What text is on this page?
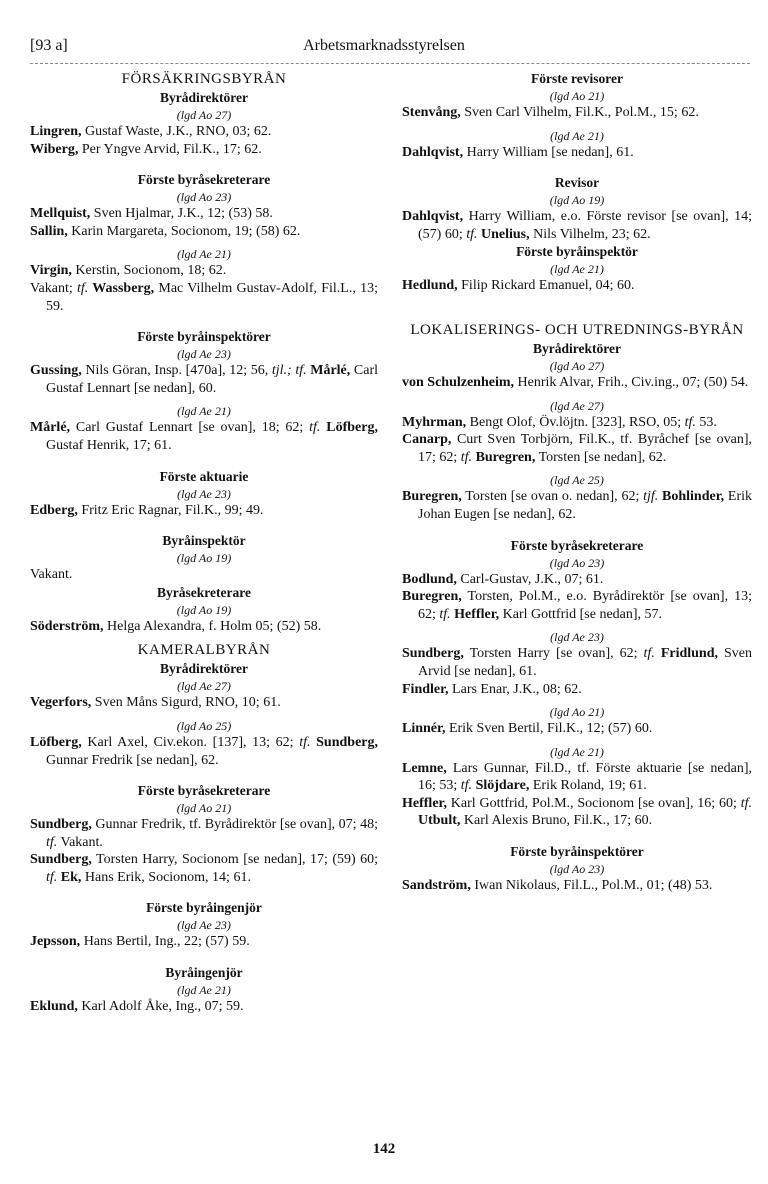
[93 a]	Arbetsmarknadsstyrelsen
FÖRSÄKRINGSBYRÅN
Byrådirektörer
(lgd Ao 27)
Lingren, Gustaf Waste, J.K., RNO, 03; 62.
Wiberg, Per Yngve Arvid, Fil.K., 17; 62.
Förste byråsekreterare
(lgd Ao 23)
Mellquist, Sven Hjalmar, J.K., 12; (53) 58.
Sallin, Karin Margareta, Socionom, 19; (58) 62.
(lgd Ae 21)
Virgin, Kerstin, Socionom, 18; 62.
Vakant; tf. Wassberg, Mac Vilhelm Gustav-Adolf, Fil.L., 13; 59.
Förste byråinspektörer
(lgd Ae 23)
Gussing, Nils Göran, Insp. [470a], 12; 56, tjl.; tf. Mårlé, Carl Gustaf Lennart [se nedan], 60.
(lgd Ae 21)
Mårlé, Carl Gustaf Lennart [se ovan], 18; 62; tf. Löfberg, Gustaf Henrik, 17; 61.
Förste aktuarie
(lgd Ae 23)
Edberg, Fritz Eric Ragnar, Fil.K., 99; 49.
Byråinspektör
(lgd Ao 19)
Vakant.
Byråsekreterare
(lgd Ao 19)
Söderström, Helga Alexandra, f. Holm 05; (52) 58.
KAMERALBYRÅN
Byrådirektörer
(lgd Ae 27)
Vegerfors, Sven Måns Sigurd, RNO, 10; 61.
(lgd Ao 25)
Löfberg, Karl Axel, Civ.ekon. [137], 13; 62; tf. Sundberg, Gunnar Fredrik [se nedan], 62.
Förste byråsekreterare
(lgd Ao 21)
Sundberg, Gunnar Fredrik, tf. Byrådirektör [se ovan], 07; 48; tf. Vakant.
Sundberg, Torsten Harry, Socionom [se nedan], 17; (59) 60; tf. Ek, Hans Erik, Socionom, 14; 61.
Förste byråingenjör
(lgd Ae 23)
Jepsson, Hans Bertil, Ing., 22; (57) 59.
Byråingenjör
(lgd Ae 21)
Eklund, Karl Adolf Åke, Ing., 07; 59.
Förste revisorer
(lgd Ao 21)
Stenvång, Sven Carl Vilhelm, Fil.K., Pol.M., 15; 62.
(lgd Ae 21)
Dahlqvist, Harry William [se nedan], 61.
Revisor
(lgd Ao 19)
Dahlqvist, Harry William, e.o. Förste revisor [se ovan], 14; (57) 60; tf. Unelius, Nils Vilhelm, 23; 62.
Förste byråinspektör
(lgd Ae 21)
Hedlund, Filip Rickard Emanuel, 04; 60.
LOKALISERINGS- OCH UTREDNINGS-BYRÅN
Byrådirektörer
(lgd Ao 27)
von Schulzenheim, Henrik Alvar, Frih., Civ.ing., 07; (50) 54.
(lgd Ae 27)
Myhrman, Bengt Olof, Öv.löjtn. [323], RSO, 05; tf. 53.
Canarp, Curt Sven Torbjörn, Fil.K., tf. Byråchef [se ovan], 17; 62; tf. Buregren, Torsten [se nedan], 62.
(lgd Ae 25)
Buregren, Torsten [se ovan o. nedan], 62; tjf. Bohlinder, Erik Johan Eugen [se nedan], 62.
Förste byråsekreterare
(lgd Ao 23)
Bodlund, Carl-Gustav, J.K., 07; 61.
Buregren, Torsten, Pol.M., e.o. Byrådirektör [se ovan], 13; 62; tf. Heffler, Karl Gottfrid [se nedan], 57.
(lgd Ae 23)
Sundberg, Torsten Harry [se ovan], 62; tf. Fridlund, Sven Arvid [se nedan], 61.
Findler, Lars Enar, J.K., 08; 62.
(lgd Ao 21)
Linnér, Erik Sven Bertil, Fil.K., 12; (57) 60.
(lgd Ae 21)
Lemne, Lars Gunnar, Fil.D., tf. Förste aktuarie [se nedan], 16; 53; tf. Slöjdare, Erik Roland, 19; 61.
Heffler, Karl Gottfrid, Pol.M., Socionom [se ovan], 16; 60; tf. Utbult, Karl Alexis Bruno, Fil.K., 17; 60.
Förste byråinspektörer
(lgd Ao 23)
Sandström, Iwan Nikolaus, Fil.L., Pol.M., 01; (48) 53.
142
